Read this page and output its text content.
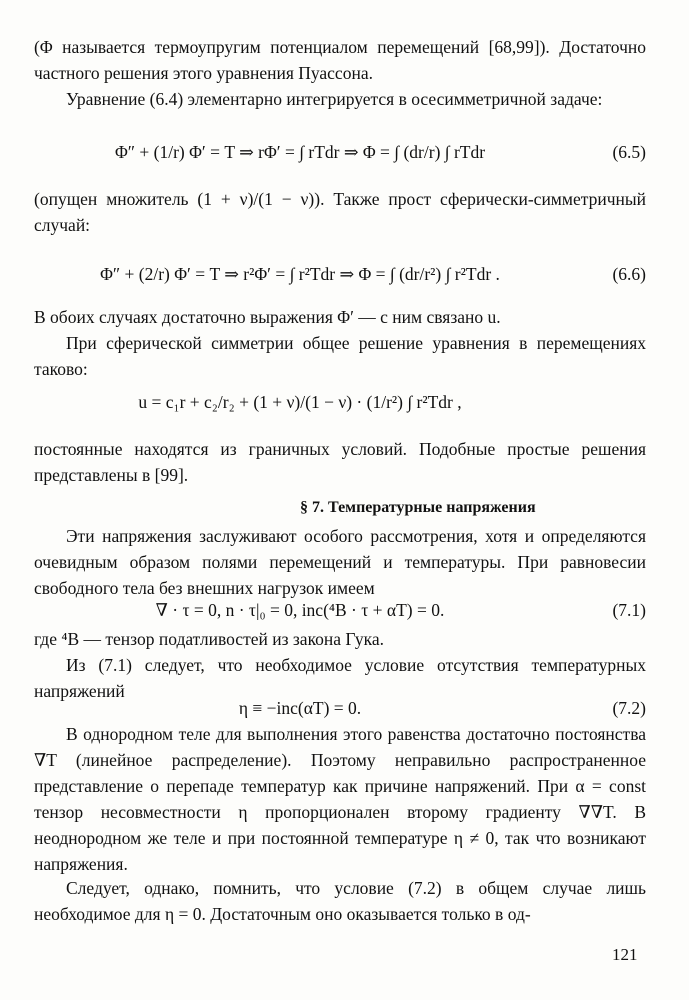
(Φ называется термоупругим потенциалом перемещений [68,99]). Достаточно частного решения этого уравнения Пуассона.

Уравнение (6.4) элементарно интегрируется в осесимметричной задаче:

Φ″ + (1/r) Φ′ = T ⇒ rΦ′ = ∫ rTdr ⇒ Φ = ∫ (dr/r) ∫ rTdr	(6.5)

(опущен множитель (1 + ν)/(1 − ν)). Также прост сферически-симметричный случай:

Φ″ + (2/r) Φ′ = T ⇒ r²Φ′ = ∫ r²Tdr ⇒ Φ = ∫ (dr/r²) ∫ r²Tdr .	(6.6)

В обоих случаях достаточно выражения Φ′ — с ним связано u.

При сферической симметрии общее решение уравнения в перемещениях таково:

u = c₁r + c₂/r₂ + (1 + ν)/(1 − ν) · (1/r²) ∫ r²Tdr ,

постоянные находятся из граничных условий. Подобные простые решения представлены в [99].

§ 7. Температурные напряжения

Эти напряжения заслуживают особого рассмотрения, хотя и определяются очевидным образом полями перемещений и температуры. При равновесии свободного тела без внешних нагрузок имеем

∇ · τ = 0, n · τ|₀ = 0, inc(⁴B · τ + αT) = 0.	(7.1)

где ⁴B — тензор податливостей из закона Гука.

Из (7.1) следует, что необходимое условие отсутствия температурных напряжений

η ≡ −inc(αT) = 0.	(7.2)

В однородном теле для выполнения этого равенства достаточно постоянства ∇T (линейное распределение). Поэтому неправильно распространенное представление о перепаде температур как причине напряжений. При α = const тензор несовместности η пропорционален второму градиенту ∇∇T. В неоднородном же теле и при постоянной температуре η ≠ 0, так что возникают напряжения.

Следует, однако, помнить, что условие (7.2) в общем случае лишь необходимое для η = 0. Достаточным оно оказывается только в од-

121
